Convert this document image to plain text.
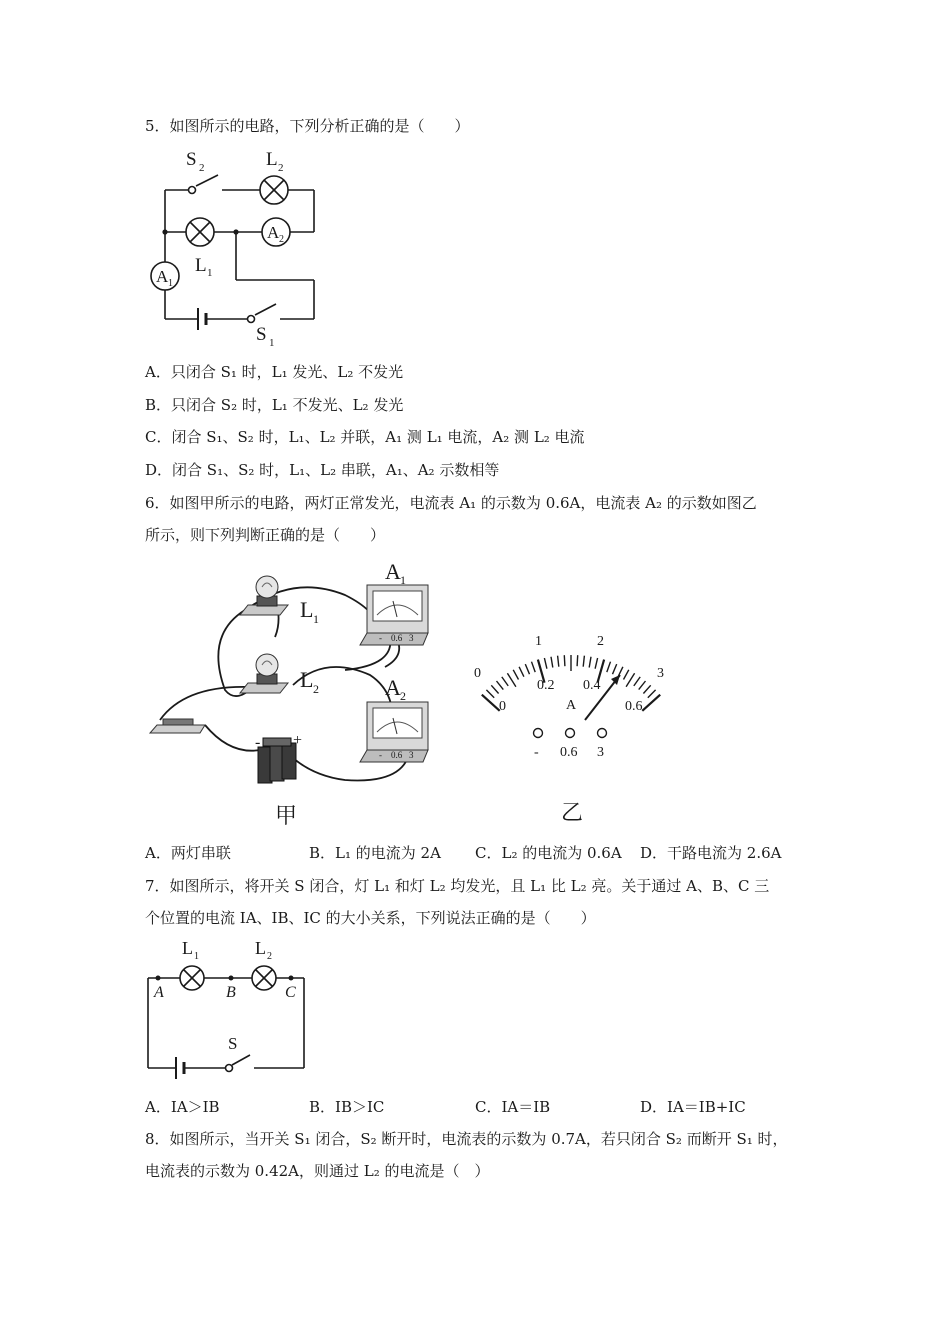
5．如图所示的电路，下列分析正确的是（　　）
S 2	L 2
L 1
A 2
A 1
S 1
A．只闭合 S₁ 时，L₁ 发光、L₂ 不发光
B．只闭合 S₂ 时，L₁ 不发光、L₂ 发光
C．闭合 S₁、S₂ 时，L₁、L₂ 并联，A₁ 测 L₁ 电流，A₂ 测 L₂ 电流
D．闭合 S₁、S₂ 时，L₁、L₂ 串联，A₁、A₂ 示数相等
6．如图甲所示的电路，两灯正常发光，电流表 A₁ 的示数为 0.6A，电流表 A₂ 的示数如图乙
所示，则下列判断正确的是（　　）
L 1
L 2
- 0.6 3
A 1
- 0.6 3
A 2
- +
甲
0
1	2
3
0
0.2 0.4
0.6
A
- 0.6 3
乙
A．两灯串联	B．L₁ 的电流为 2A C．L₂ 的电流为 0.6A D．干路电流为 2.6A
7．如图所示，将开关 S 闭合，灯 L₁ 和灯 L₂ 均发光，且 L₁ 比 L₂ 亮。关于通过 A、B、C 三
个位置的电流 IA、IB、IC 的大小关系，下列说法正确的是（　　）
L 1	L 2
A	B	C
S
A．IA＞IB	B．IB＞IC	C．IA＝IB	D．IA＝IB+IC
8．如图所示，当开关 S₁ 闭合，S₂ 断开时，电流表的示数为 0.7A，若只闭合 S₂ 而断开 S₁ 时，
电流表的示数为 0.42A，则通过 L₂ 的电流是（　）
